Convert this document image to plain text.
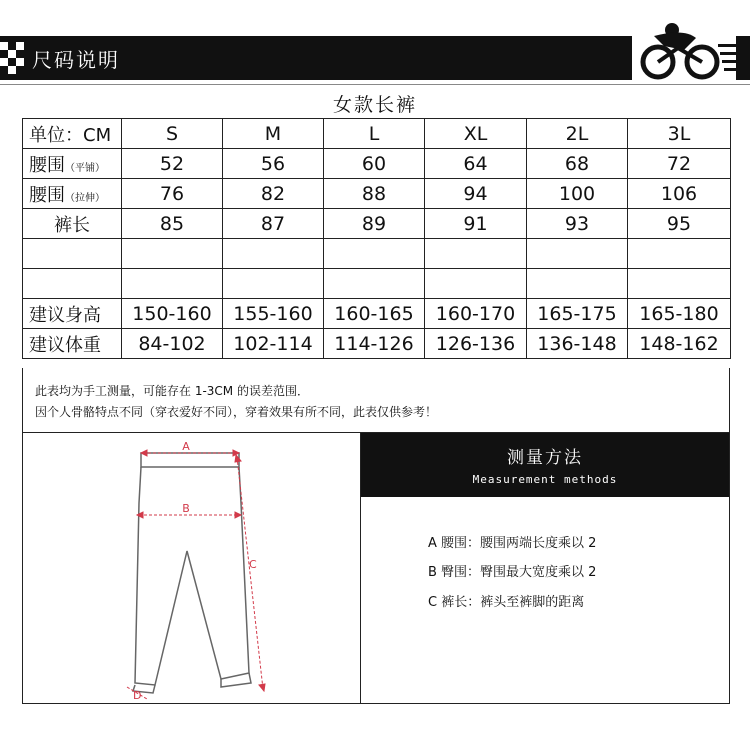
尺码说明
女款长裤
单位：CM	S	M	L	XL	2L	3L
腰围（平铺）	52	56	60	64	68	72
腰围（拉伸）	76	82	88	94	100	106
裤长	85	87	89	91	93	95

建议身高	150-160	155-160	160-165	160-170	165-175	165-180
建议体重	84-102	102-114	114-126	126-136	136-148	148-162
此表均为手工测量，可能存在 1-3CM 的误差范围．
因个人骨骼特点不同（穿衣爱好不同），穿着效果有所不同，此表仅供参考！
A
B
C
D
测量方法
Measurement methods
A 腰围：腰围两端长度乘以 2
B 臀围：臀围最大宽度乘以 2
C 裤长：裤头至裤脚的距离
